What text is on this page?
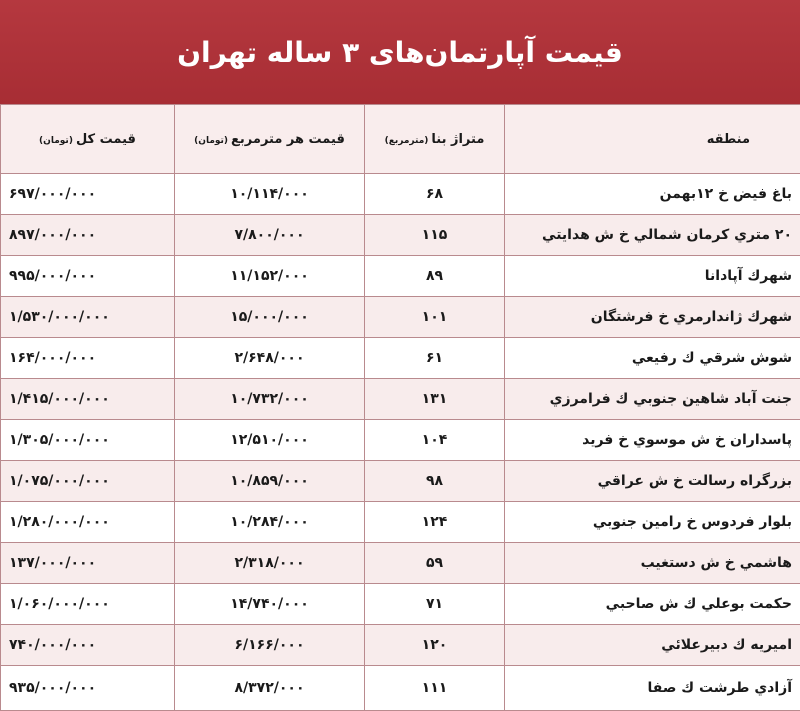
قیمت آپارتمان‌های ۳ ساله تهران
منطقه	متراژ بنا(مترمربع)	قیمت هر مترمربع(تومان)	قیمت کل(تومان)
باغ فیض خ ۱۲بهمن	۶۸	۱۰/۱۱۴/۰۰۰	۶۹۷/۰۰۰/۰۰۰
۲۰ متري كرمان شمالي خ ش هدايتي	۱۱۵	۷/۸۰۰/۰۰۰	۸۹۷/۰۰۰/۰۰۰
شهرك آپادانا	۸۹	۱۱/۱۵۲/۰۰۰	۹۹۵/۰۰۰/۰۰۰
شهرك ژاندارمري خ فرشتگان	۱۰۱	۱۵/۰۰۰/۰۰۰	۱/۵۳۰/۰۰۰/۰۰۰
شوش شرقي ك رفيعي	۶۱	۲/۶۴۸/۰۰۰	۱۶۴/۰۰۰/۰۰۰
جنت آباد شاهين جنوبي ك فرامرزي	۱۳۱	۱۰/۷۳۲/۰۰۰	۱/۴۱۵/۰۰۰/۰۰۰
پاسداران خ ش موسوي خ فريد	۱۰۴	۱۲/۵۱۰/۰۰۰	۱/۳۰۵/۰۰۰/۰۰۰
بزرگراه رسالت خ ش عراقي	۹۸	۱۰/۸۵۹/۰۰۰	۱/۰۷۵/۰۰۰/۰۰۰
بلوار فردوس خ رامين جنوبي	۱۲۴	۱۰/۲۸۴/۰۰۰	۱/۲۸۰/۰۰۰/۰۰۰
هاشمي خ ش دستغيب	۵۹	۲/۳۱۸/۰۰۰	۱۳۷/۰۰۰/۰۰۰
حكمت بوعلي ك ش صاحبي	۷۱	۱۴/۷۴۰/۰۰۰	۱/۰۶۰/۰۰۰/۰۰۰
اميريه ك دبيرعلائي	۱۲۰	۶/۱۶۶/۰۰۰	۷۴۰/۰۰۰/۰۰۰
آزادي طرشت ك صفا	۱۱۱	۸/۳۷۲/۰۰۰	۹۳۵/۰۰۰/۰۰۰
